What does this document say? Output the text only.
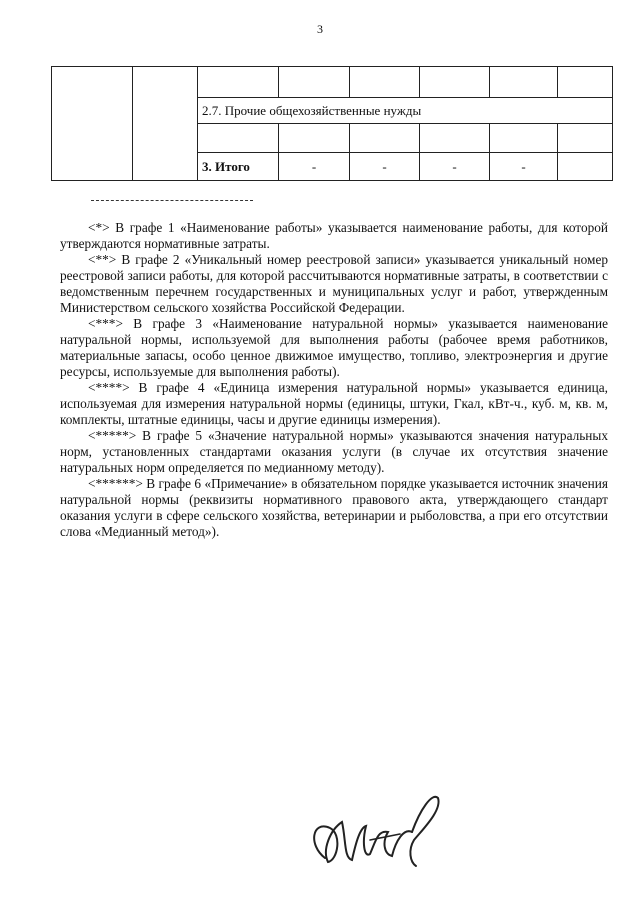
3

		2.7. Прочие общехозяйственные нужды					

		3. Итого	-	-	-	-	

<*> В графе 1 «Наименование работы» указывается наименование работы, для которой утверждаются нормативные затраты.

<**> В графе 2 «Уникальный номер реестровой записи» указывается уникальный номер реестровой записи работы, для которой рассчитываются нормативные затраты, в соответствии с ведомственным перечнем государственных и муниципальных услуг и работ, утвержденным Министерством сельского хозяйства Российской Федерации.

<***> В графе 3 «Наименование натуральной нормы» указывается наименование натуральной нормы, используемой для выполнения работы (рабочее время работников, материальные запасы, особо ценное движимое имущество, топливо, электроэнергия и другие ресурсы, используемые для выполнения работы).

<****> В графе 4 «Единица измерения натуральной нормы» указывается единица, используемая для измерения натуральной нормы (единицы, штуки, Гкал, кВт-ч., куб. м, кв. м, комплекты, штатные единицы, часы и другие единицы измерения).

<*****> В графе 5 «Значение натуральной нормы» указываются значения натуральных норм, установленных стандартами оказания услуги (в случае их отсутствия значение натуральных норм определяется по медианному методу).

<******> В графе 6 «Примечание» в обязательном порядке указывается источник значения натуральной нормы (реквизиты нормативного правового акта, утверждающего стандарт оказания услуги в сфере сельского хозяйства, ветеринарии и рыболовства, а при его отсутствии слова «Медианный метод»).
